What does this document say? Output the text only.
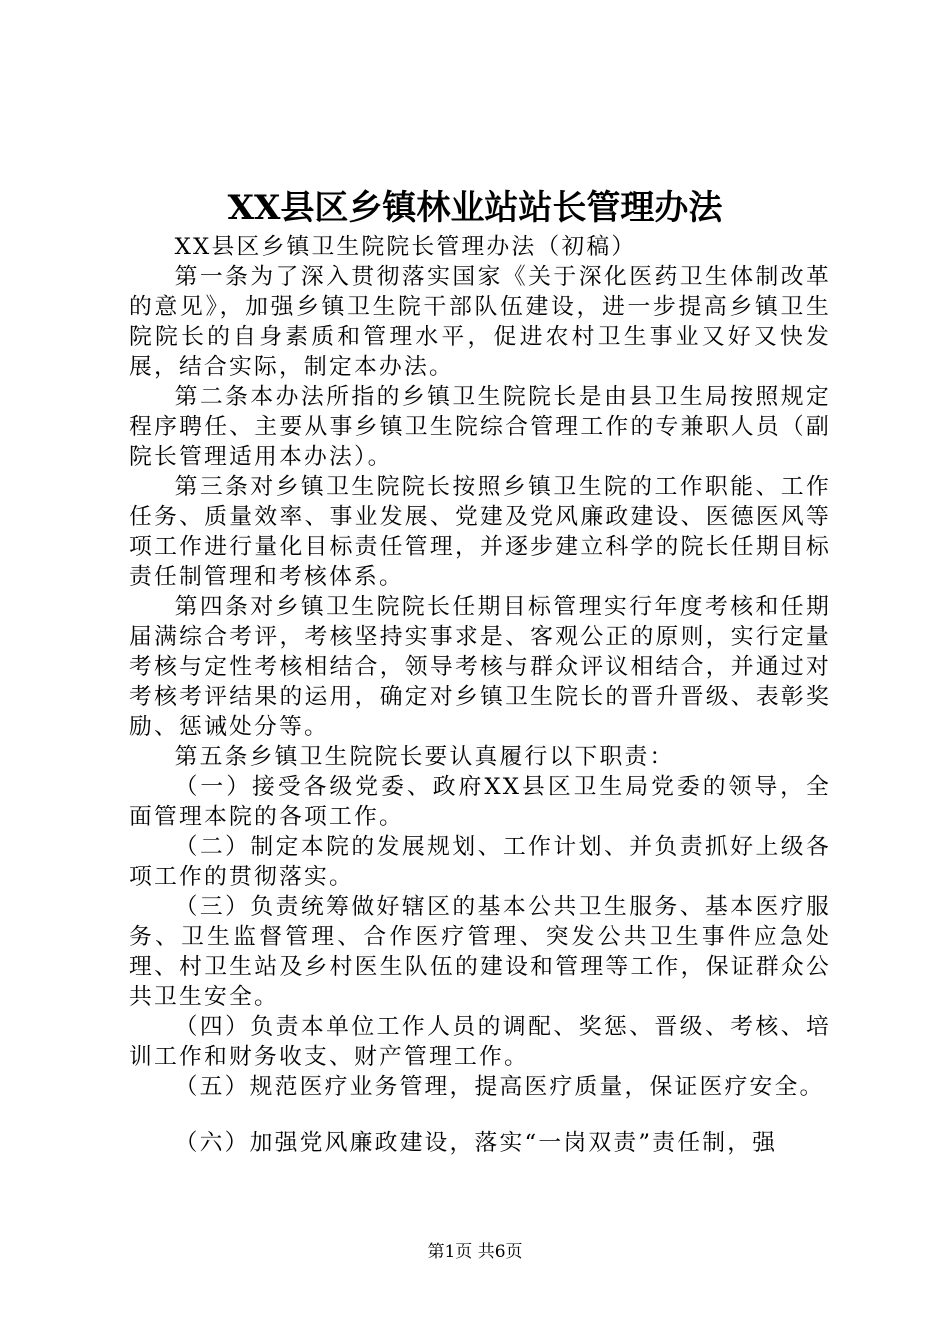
XX县区乡镇林业站站长管理办法

XX县区乡镇卫生院院长管理办法（初稿）

第一条为了深入贯彻落实国家《关于深化医药卫生体制改革的意见》，加强乡镇卫生院干部队伍建设，进一步提高乡镇卫生院院长的自身素质和管理水平，促进农村卫生事业又好又快发展，结合实际，制定本办法。

第二条本办法所指的乡镇卫生院院长是由县卫生局按照规定程序聘任、主要从事乡镇卫生院综合管理工作的专兼职人员（副院长管理适用本办法）。

第三条对乡镇卫生院院长按照乡镇卫生院的工作职能、工作任务、质量效率、事业发展、党建及党风廉政建设、医德医风等项工作进行量化目标责任管理，并逐步建立科学的院长任期目标责任制管理和考核体系。

第四条对乡镇卫生院院长任期目标管理实行年度考核和任期届满综合考评，考核坚持实事求是、客观公正的原则，实行定量考核与定性考核相结合，领导考核与群众评议相结合，并通过对考核考评结果的运用，确定对乡镇卫生院长的晋升晋级、表彰奖励、惩诫处分等。

第五条乡镇卫生院院长要认真履行以下职责：

（一）接受各级党委、政府XX县区卫生局党委的领导，全面管理本院的各项工作。

（二）制定本院的发展规划、工作计划、并负责抓好上级各项工作的贯彻落实。

（三）负责统筹做好辖区的基本公共卫生服务、基本医疗服务、卫生监督管理、合作医疗管理、突发公共卫生事件应急处理、村卫生站及乡村医生队伍的建设和管理等工作，保证群众公共卫生安全。

（四）负责本单位工作人员的调配、奖惩、晋级、考核、培训工作和财务收支、财产管理工作。

（五）规范医疗业务管理，提高医疗质量，保证医疗安全。

（六）加强党风廉政建设，落实“一岗双责”责任制，强

第1页 共6页
